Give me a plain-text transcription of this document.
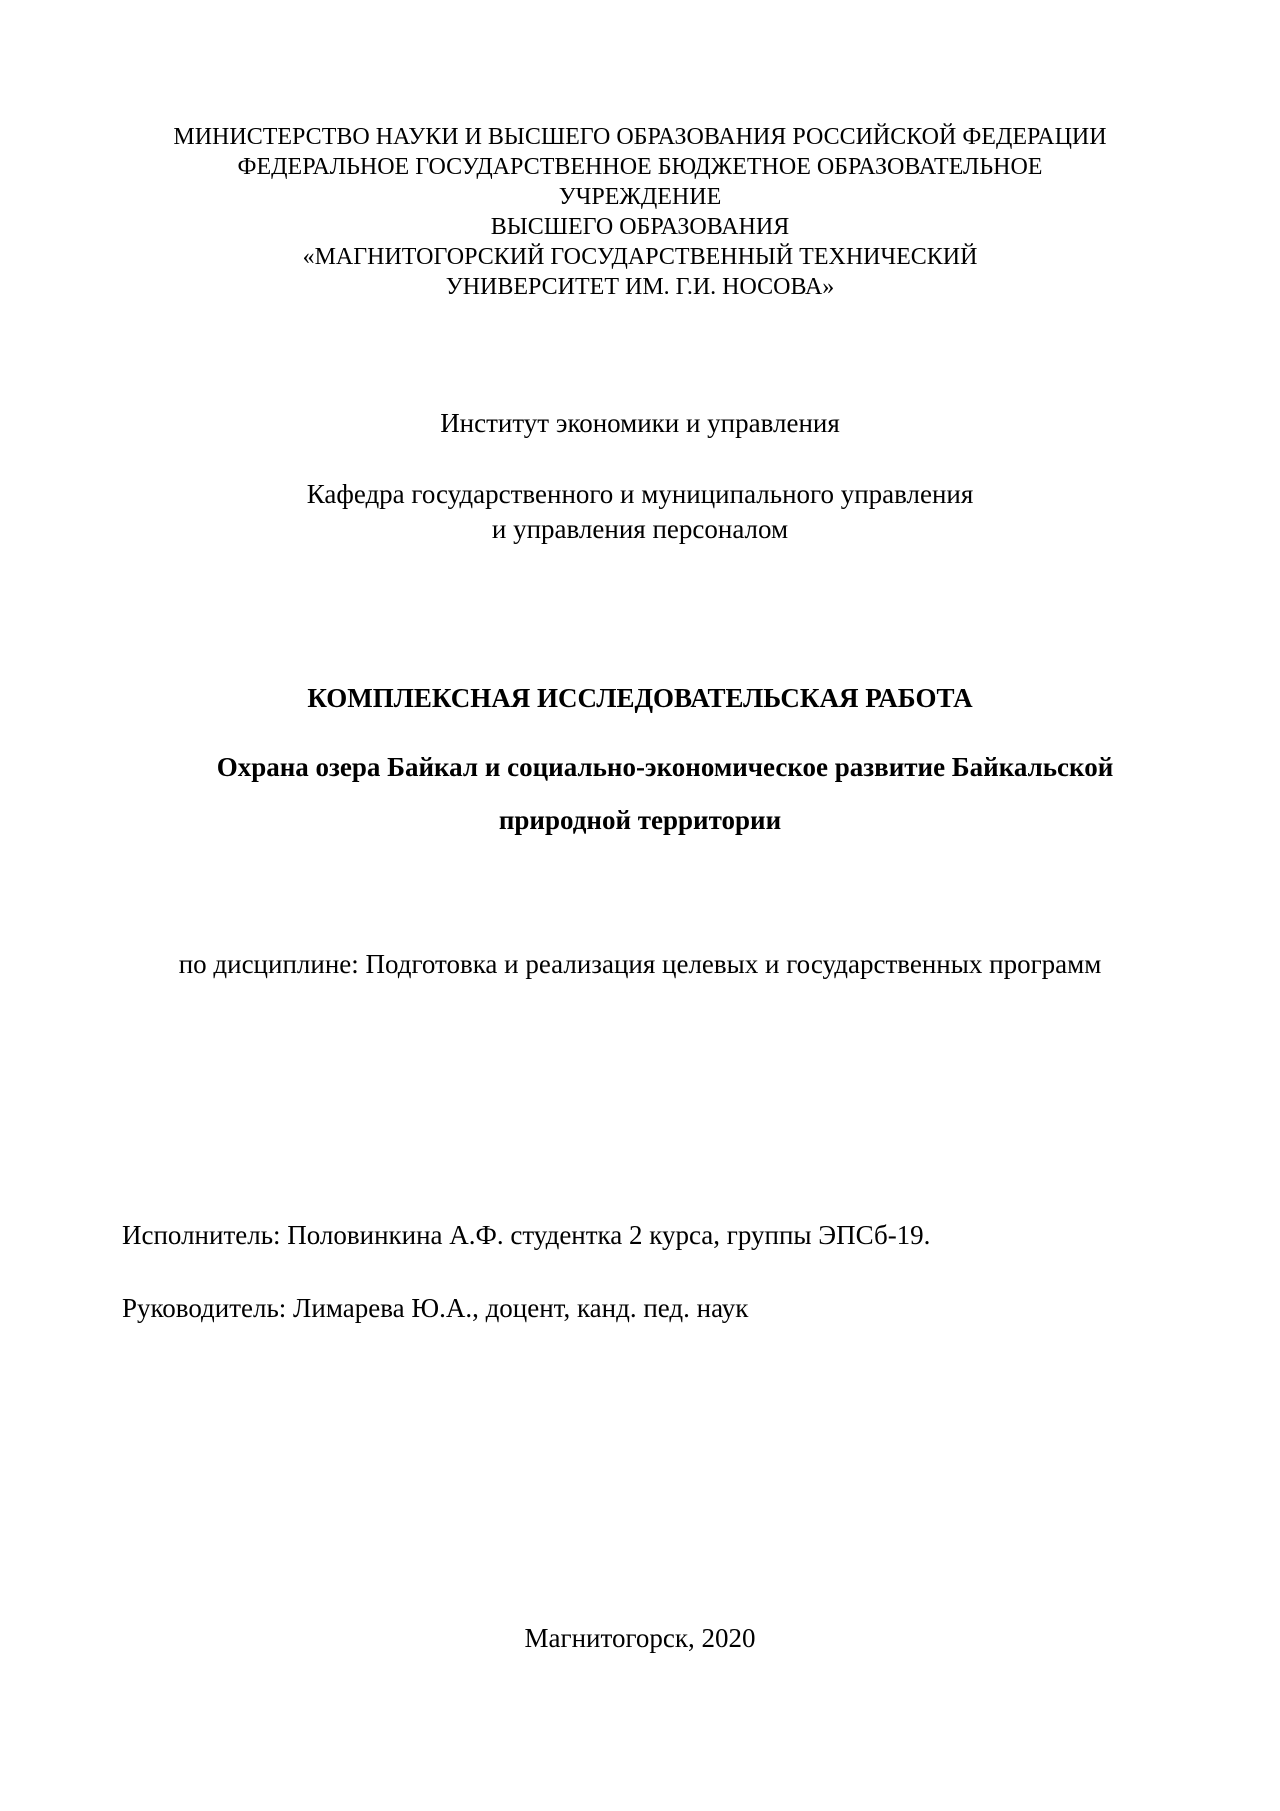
МИНИСТЕРСТВО НАУКИ И ВЫСШЕГО ОБРАЗОВАНИЯ РОССИЙСКОЙ ФЕДЕРАЦИИ
ФЕДЕРАЛЬНОЕ ГОСУДАРСТВЕННОЕ БЮДЖЕТНОЕ ОБРАЗОВАТЕЛЬНОЕ
УЧРЕЖДЕНИЕ
ВЫСШЕГО ОБРАЗОВАНИЯ
«МАГНИТОГОРСКИЙ ГОСУДАРСТВЕННЫЙ ТЕХНИЧЕСКИЙ
УНИВЕРСИТЕТ ИМ. Г.И. НОСОВА»
Институт экономики и управления
Кафедра государственного и муниципального управления
и управления персоналом
КОМПЛЕКСНАЯ ИССЛЕДОВАТЕЛЬСКАЯ РАБОТА
Охрана озера Байкал и социально-экономическое развитие Байкальской
природной территории
по дисциплине: Подготовка и реализация целевых и государственных программ
Исполнитель: Половинкина А.Ф. студентка 2 курса, группы ЭПСб-19.
Руководитель: Лимарева Ю.А., доцент, канд. пед. наук
Магнитогорск, 2020
